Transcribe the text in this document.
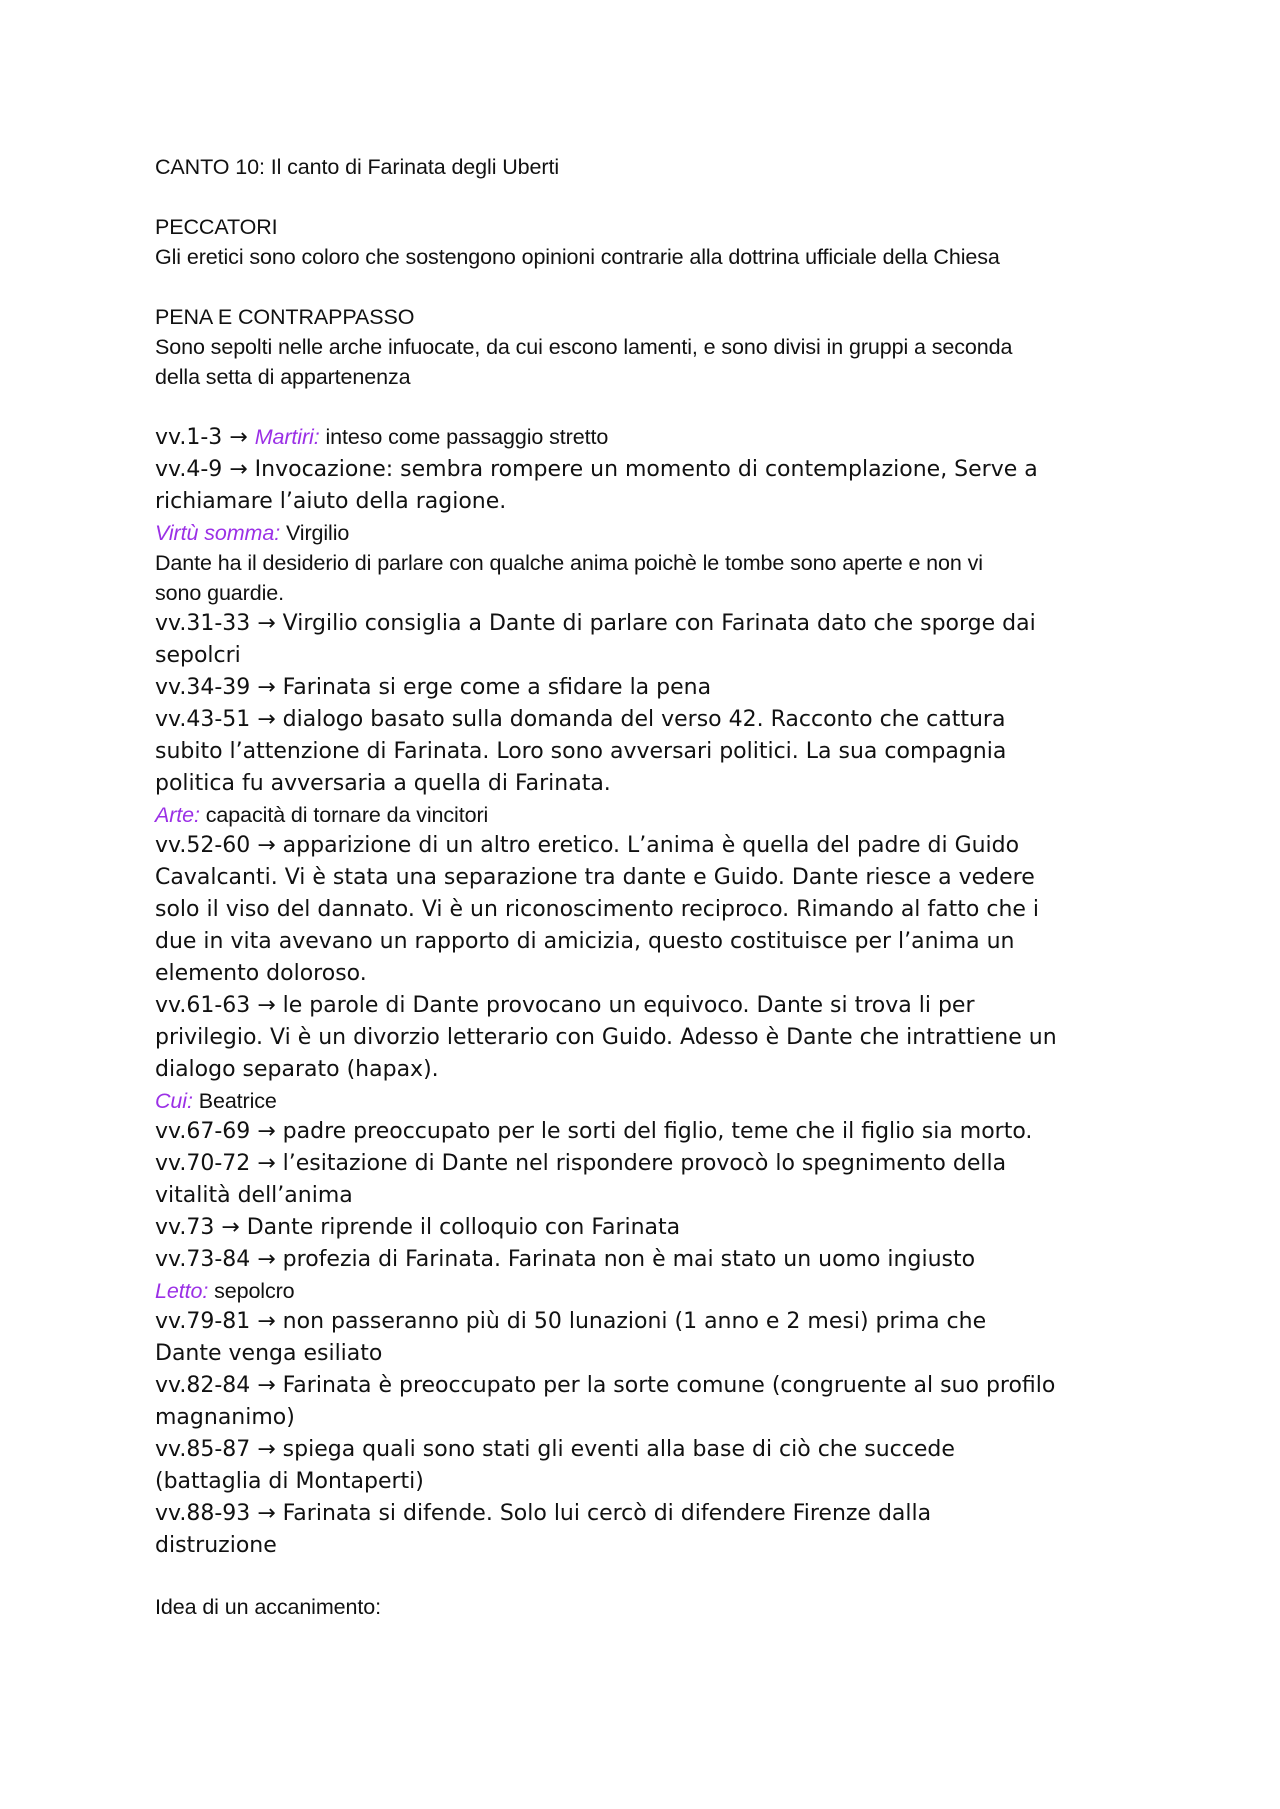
CANTO 10: Il canto di Farinata degli Uberti

PECCATORI

Gli eretici sono coloro che sostengono opinioni contrarie alla dottrina ufficiale della Chiesa

PENA E CONTRAPPASSO

Sono sepolti nelle arche infuocate, da cui escono lamenti, e sono divisi in gruppi a seconda

della setta di appartenenza

vv.1-3 → Martiri: inteso come passaggio stretto

vv.4-9 → Invocazione: sembra rompere un momento di contemplazione, Serve a

richiamare l’aiuto della ragione.

Virtù somma: Virgilio

Dante ha il desiderio di parlare con qualche anima poichè le tombe sono aperte e non vi

sono guardie.

vv.31-33 → Virgilio consiglia a Dante di parlare con Farinata dato che sporge dai

sepolcri

vv.34-39 → Farinata si erge come a sfidare la pena

vv.43-51 → dialogo basato sulla domanda del verso 42. Racconto che cattura

subito l’attenzione di Farinata. Loro sono avversari politici. La sua compagnia

politica fu avversaria a quella di Farinata.

Arte: capacità di tornare da vincitori

vv.52-60 → apparizione di un altro eretico. L’anima è quella del padre di Guido

Cavalcanti. Vi è stata una separazione tra dante e Guido. Dante riesce a vedere

solo il viso del dannato. Vi è un riconoscimento reciproco. Rimando al fatto che i

due in vita avevano un rapporto di amicizia, questo costituisce per l’anima un

elemento doloroso.

vv.61-63 → le parole di Dante provocano un equivoco. Dante si trova li per

privilegio. Vi è un divorzio letterario con Guido. Adesso è Dante che intrattiene un

dialogo separato (hapax).

Cui: Beatrice

vv.67-69 → padre preoccupato per le sorti del figlio, teme che il figlio sia morto.

vv.70-72 → l’esitazione di Dante nel rispondere provocò lo spegnimento della

vitalità dell’anima

vv.73 → Dante riprende il colloquio con Farinata

vv.73-84 → profezia di Farinata. Farinata non è mai stato un uomo ingiusto

Letto: sepolcro

vv.79-81 → non passeranno più di 50 lunazioni (1 anno e 2 mesi) prima che

Dante venga esiliato

vv.82-84 → Farinata è preoccupato per la sorte comune (congruente al suo profilo

magnanimo)

vv.85-87 → spiega quali sono stati gli eventi alla base di ciò che succede

(battaglia di Montaperti)

vv.88-93 → Farinata si difende. Solo lui cercò di difendere Firenze dalla

distruzione

Idea di un accanimento:
